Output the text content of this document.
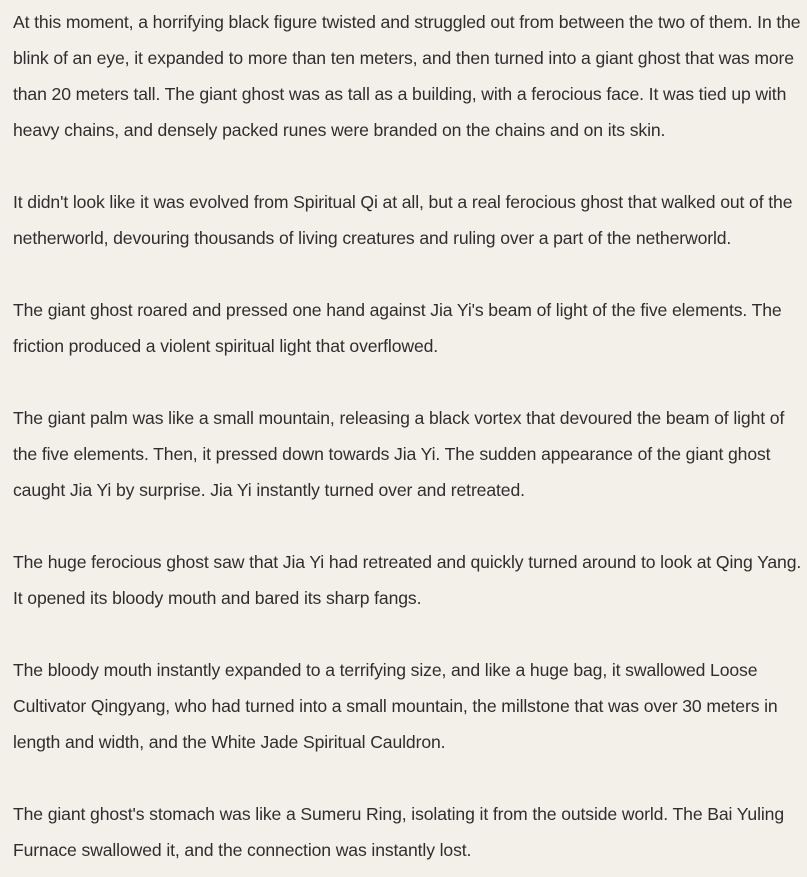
At this moment, a horrifying black figure twisted and struggled out from between the two of them. In the blink of an eye, it expanded to more than ten meters, and then turned into a giant ghost that was more than 20 meters tall. The giant ghost was as tall as a building, with a ferocious face. It was tied up with heavy chains, and densely packed runes were branded on the chains and on its skin.

It didn't look like it was evolved from Spiritual Qi at all, but a real ferocious ghost that walked out of the netherworld, devouring thousands of living creatures and ruling over a part of the netherworld.

The giant ghost roared and pressed one hand against Jia Yi's beam of light of the five elements. The friction produced a violent spiritual light that overflowed.

The giant palm was like a small mountain, releasing a black vortex that devoured the beam of light of the five elements. Then, it pressed down towards Jia Yi. The sudden appearance of the giant ghost caught Jia Yi by surprise. Jia Yi instantly turned over and retreated.

The huge ferocious ghost saw that Jia Yi had retreated and quickly turned around to look at Qing Yang. It opened its bloody mouth and bared its sharp fangs.

The bloody mouth instantly expanded to a terrifying size, and like a huge bag, it swallowed Loose Cultivator Qingyang, who had turned into a small mountain, the millstone that was over 30 meters in length and width, and the White Jade Spiritual Cauldron.

The giant ghost's stomach was like a Sumeru Ring, isolating it from the outside world. The Bai Yuling Furnace swallowed it, and the connection was instantly lost.
